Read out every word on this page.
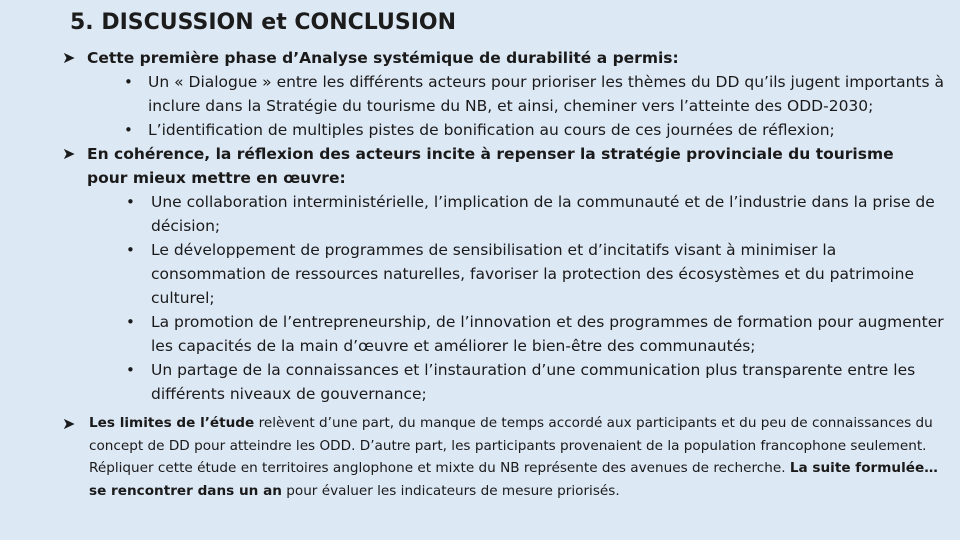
5. DISCUSSION et CONCLUSION
➤ Cette première phase d’Analyse systémique de durabilité a permis:
• Un « Dialogue » entre les différents acteurs pour prioriser les thèmes du DD qu’ils jugent importants à inclure dans la Stratégie du tourisme du NB, et ainsi, cheminer vers l’atteinte des ODD-2030;
• L’identification de multiples pistes de bonification au cours de ces journées de réflexion;
➤ En cohérence, la réflexion des acteurs incite à repenser la stratégie provinciale du tourisme pour mieux mettre en œuvre:
• Une collaboration interministérielle, l’implication de la communauté et de l’industrie dans la prise de décision;
• Le développement de programmes de sensibilisation et d’incitatifs visant à minimiser la consommation de ressources naturelles, favoriser la protection des écosystèmes et du patrimoine culturel;
• La promotion de l’entrepreneurship, de l’innovation et des programmes de formation pour augmenter les capacités de la main d’œuvre et améliorer le bien-être des communautés;
• Un partage de la connaissances et l’instauration d’une communication plus transparente entre les différents niveaux de gouvernance;
➤ Les limites de l’étude relèvent d’une part, du manque de temps accordé aux participants et du peu de connaissances du concept de DD pour atteindre les ODD. D’autre part, les participants provenaient de la population francophone seulement. Répliquer cette étude en territoires anglophone et mixte du NB représente des avenues de recherche. La suite formulée…se rencontrer dans un an pour évaluer les indicateurs de mesure priorisés.
